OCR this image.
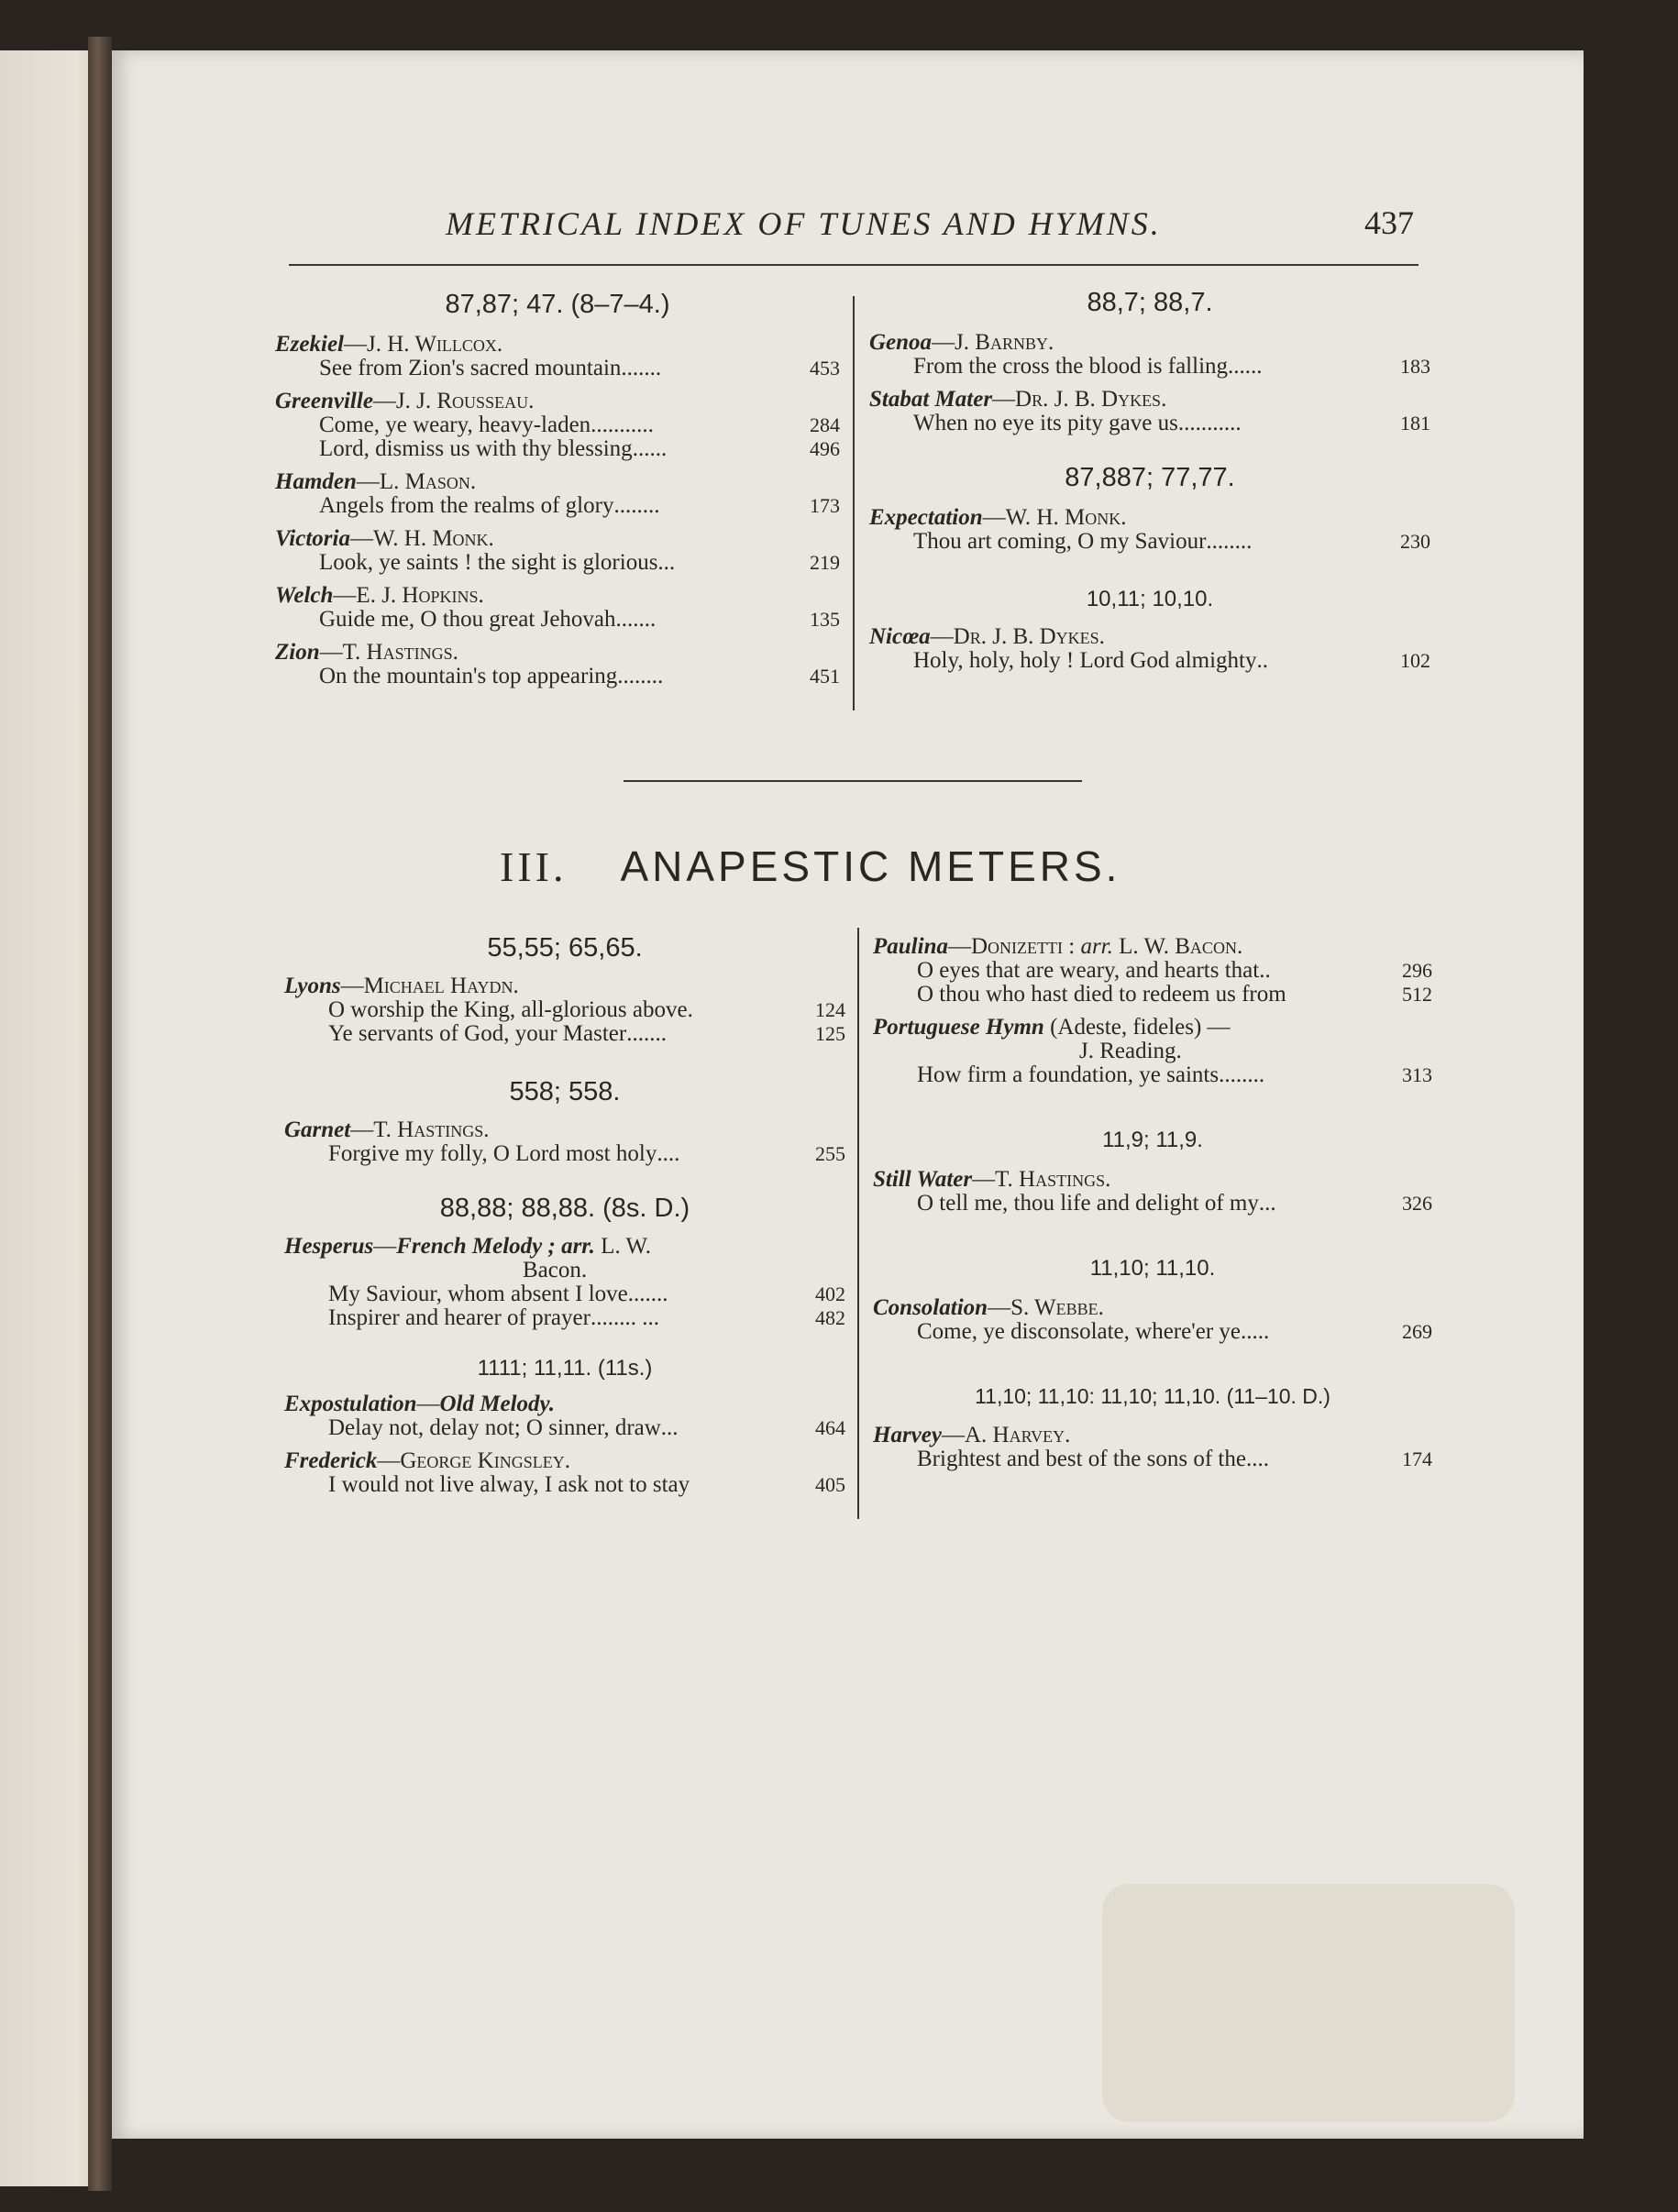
METRICAL INDEX OF TUNES AND HYMNS.	437
87,87; 47. (8–7–4.)
Ezekiel—J. H. Willcox.
See from Zion's sacred mountain .......	453
Greenville—J. J. Rousseau.
Come, ye weary, heavy-laden ...........	284
Lord, dismiss us with thy blessing ......	496
Hamden—L. Mason.
Angels from the realms of glory ........	173
Victoria—W. H. Monk.
Look, ye saints ! the sight is glorious ...	219
Welch—E. J. Hopkins.
Guide me, O thou great Jehovah .......	135
Zion—T. Hastings.
On the mountain's top appearing ........	451
88,7; 88,7.
Genoa—J. Barnby.
From the cross the blood is falling ......	183
Stabat Mater—Dr. J. B. Dykes.
When no eye its pity gave us ...........	181
87,887; 77,77.
Expectation—W. H. Monk.
Thou art coming, O my Saviour ........	230
10,11; 10,10.
Nicœa—Dr. J. B. Dykes.
Holy, holy, holy ! Lord God almighty ..	102
III. ANAPESTIC METERS.
55,55; 65,65.
Lyons—Michael Haydn.
O worship the King, all-glorious above.	124
Ye servants of God, your Master .......	125
558; 558.
Garnet—T. Hastings.
Forgive my folly, O Lord most holy ....	255
88,88; 88,88. (8s. D.)
Hesperus—French Melody ; arr. L. W.
Bacon.
My Saviour, whom absent I love .......	402
Inspirer and hearer of prayer ........ ...	482
1111; 11,11. (11s.)
Expostulation—Old Melody.
Delay not, delay not; O sinner, draw ...	464
Frederick—George Kingsley.
I would not live alway, I ask not to stay	405
Paulina—Donizetti : arr. L. W. Bacon.
O eyes that are weary, and hearts that ..	296
O thou who hast died to redeem us from	512
Portuguese Hymn (Adeste, fideles) —
J. Reading.
How firm a foundation, ye saints ........	313
11,9; 11,9.
Still Water—T. Hastings.
O tell me, thou life and delight of my ...	326
11,10; 11,10.
Consolation—S. Webbe.
Come, ye disconsolate, where'er ye .....	269
11,10; 11,10: 11,10; 11,10. (11–10. D.)
Harvey—A. Harvey.
Brightest and best of the sons of the ....	174
